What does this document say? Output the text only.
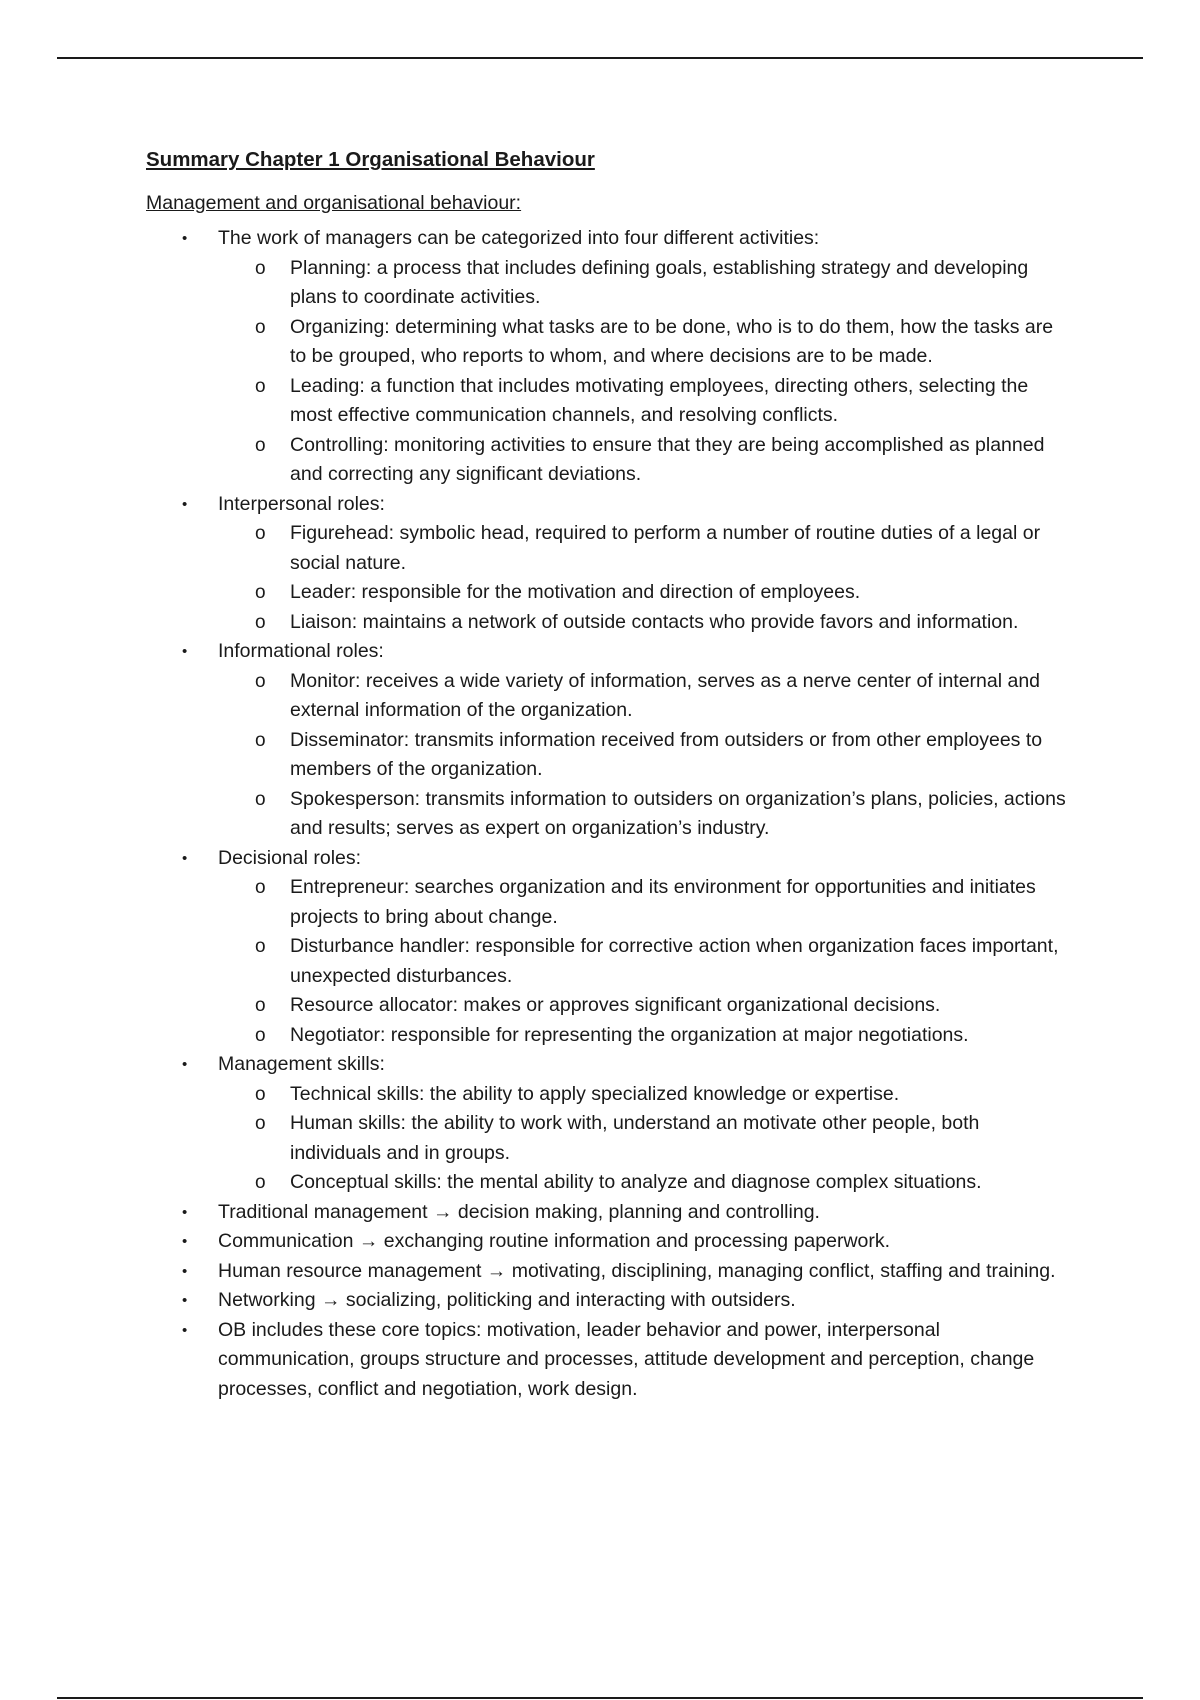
Summary Chapter 1 Organisational Behaviour
Management and organisational behaviour:
• The work of managers can be categorized into four different activities:
o Planning: a process that includes defining goals, establishing strategy and developing plans to coordinate activities.
o Organizing: determining what tasks are to be done, who is to do them, how the tasks are to be grouped, who reports to whom, and where decisions are to be made.
o Leading: a function that includes motivating employees, directing others, selecting the most effective communication channels, and resolving conflicts.
o Controlling: monitoring activities to ensure that they are being accomplished as planned and correcting any significant deviations.
• Interpersonal roles:
o Figurehead: symbolic head, required to perform a number of routine duties of a legal or social nature.
o Leader: responsible for the motivation and direction of employees.
o Liaison: maintains a network of outside contacts who provide favors and information.
• Informational roles:
o Monitor: receives a wide variety of information, serves as a nerve center of internal and external information of the organization.
o Disseminator: transmits information received from outsiders or from other employees to members of the organization.
o Spokesperson: transmits information to outsiders on organization’s plans, policies, actions and results; serves as expert on organization’s industry.
• Decisional roles:
o Entrepreneur: searches organization and its environment for opportunities and initiates projects to bring about change.
o Disturbance handler: responsible for corrective action when organization faces important, unexpected disturbances.
o Resource allocator: makes or approves significant organizational decisions.
o Negotiator: responsible for representing the organization at major negotiations.
• Management skills:
o Technical skills: the ability to apply specialized knowledge or expertise.
o Human skills: the ability to work with, understand an motivate other people, both individuals and in groups.
o Conceptual skills: the mental ability to analyze and diagnose complex situations.
• Traditional management → decision making, planning and controlling.
• Communication → exchanging routine information and processing paperwork.
• Human resource management → motivating, disciplining, managing conflict, staffing and training.
• Networking → socializing, politicking and interacting with outsiders.
• OB includes these core topics: motivation, leader behavior and power, interpersonal communication, groups structure and processes, attitude development and perception, change processes, conflict and negotiation, work design.
